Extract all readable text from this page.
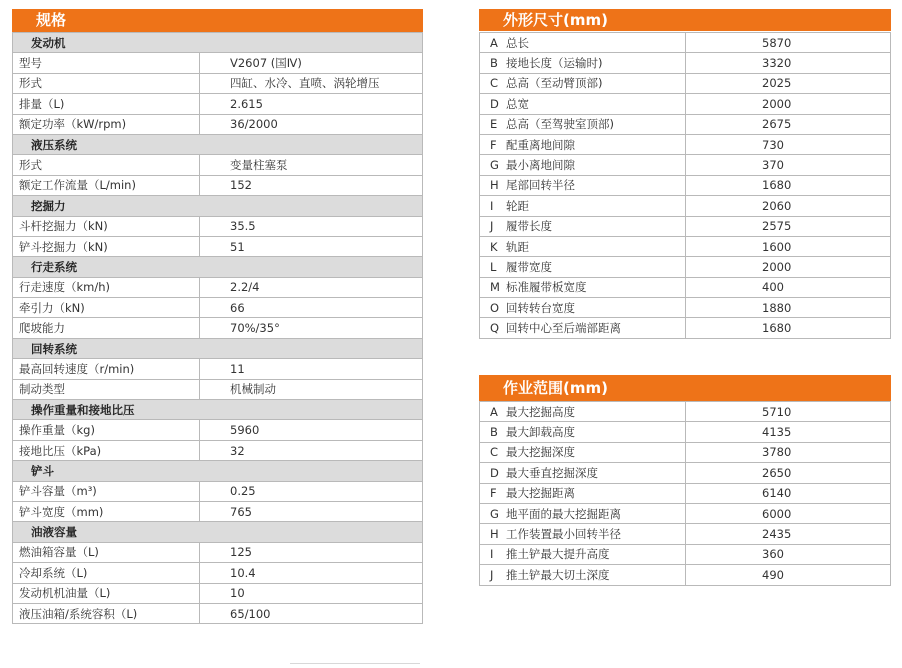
规格
发动机	
型号	V2607 (国Ⅳ)
形式	四缸、水冷、直喷、涡轮增压
排量（L)	2.615
额定功率（kW/rpm)	36/2000
液压系统	
形式	变量柱塞泵
额定工作流量（L/min)	152
挖掘力	
斗杆挖掘力（kN)	35.5
铲斗挖掘力（kN)	51
行走系统	
行走速度（km/h)	2.2/4
牵引力（kN)	66
爬坡能力	70%/35°
回转系统	
最高回转速度（r/min)	11
制动类型	机械制动
操作重量和接地比压	
操作重量（kg)	5960
接地比压（kPa)	32
铲斗	
铲斗容量（m³)	0.25
铲斗宽度（mm)	765
油液容量	
燃油箱容量（L)	125
冷却系统（L)	10.4
发动机机油量（L)	10
液压油箱/系统容积（L)	65/100
外形尺寸(mm)
A 总长	5870
B 接地长度（运输时)	3320
C 总高（至动臂顶部)	2025
D 总宽	2000
E 总高（至驾驶室顶部)	2675
F 配重离地间隙	730
G 最小离地间隙	370
H 尾部回转半径	1680
I 轮距	2060
J 履带长度	2575
K 轨距	1600
L 履带宽度	2000
M 标准履带板宽度	400
O 回转转台宽度	1880
Q 回转中心至后端部距离	1680
作业范围(mm)
A 最大挖掘高度	5710
B 最大卸载高度	4135
C 最大挖掘深度	3780
D 最大垂直挖掘深度	2650
F 最大挖掘距离	6140
G 地平面的最大挖掘距离	6000
H 工作装置最小回转半径	2435
I 推土铲最大提升高度	360
J 推土铲最大切土深度	490
